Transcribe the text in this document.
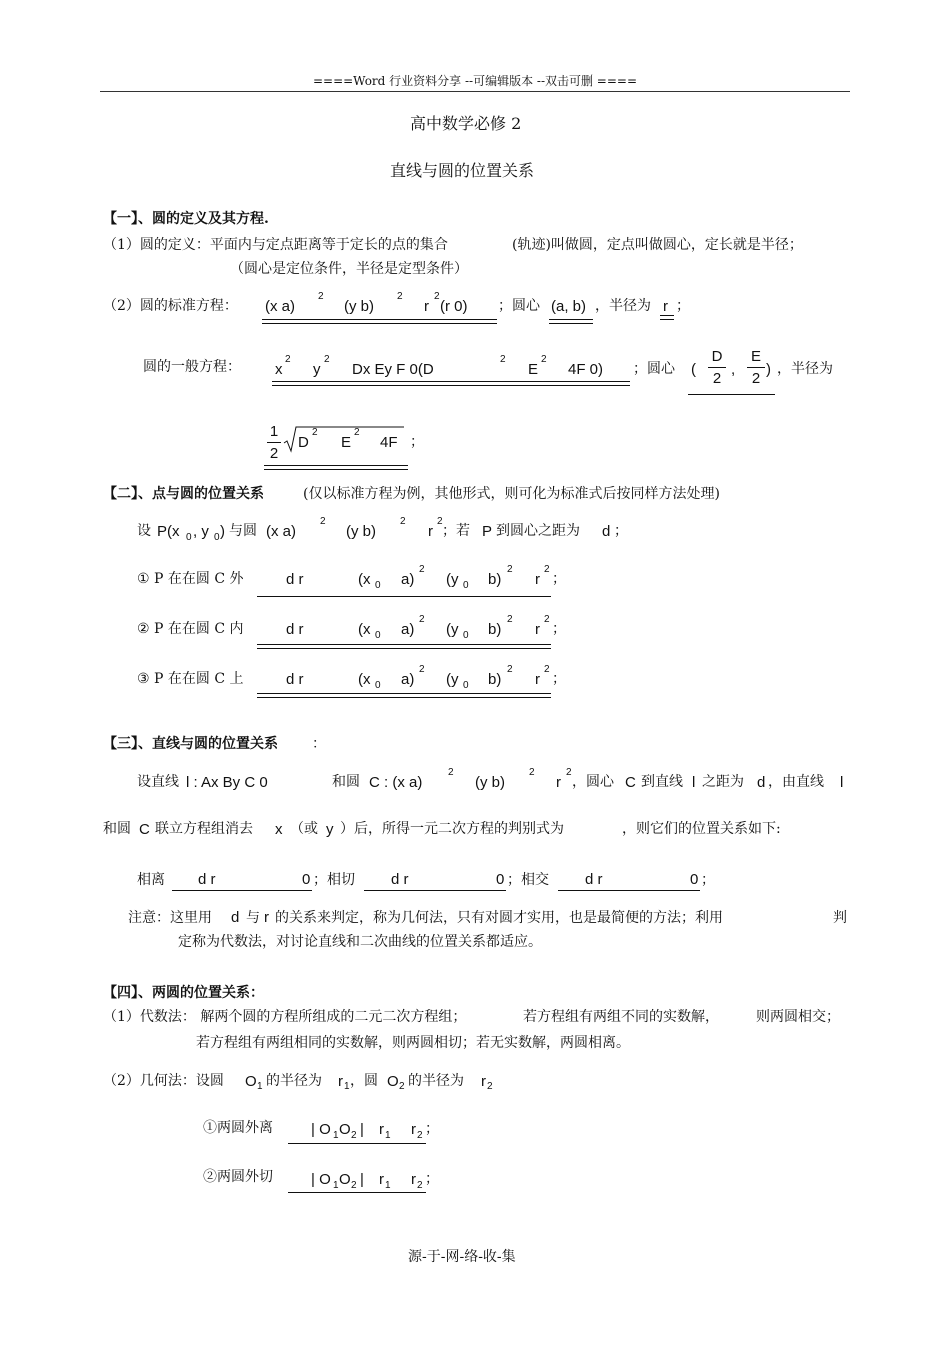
====Word 行业资料分享 --可编辑版本 --双击可删 ====
高中数学必修 2
直线与圆的位置关系
【一】、圆的定义及其方程.
（1）圆的定义：平面内与定点距离等于定长的点的集合	(轨迹)叫做圆，定点叫做圆心，定长就是半径；
（圆心是定位条件，半径是定型条件）
（2）圆的标准方程： (x a)
2
(y b)
2
r
2
(r 0) ；圆心 (a, b) ，半径为 r ；
圆的一般方程： x
2
y
2
Dx Ey F 0(D
2
E
2
4F 0) ；圆心 (
D
2
,
E
2
) ，半径为
1
2
D
2
E
2
4F ；
【二】、点与圆的位置关系	(仅以标准方程为例，其他形式，则可化为标准式后按同样方法处理)
设 P(x 0 , y 0 ) 与圆 (x a)
2
(y b)
2
r
2
；若 P 到圆心之距为 d ；
① P 在在圆 C 外	d r	(x 0 a)
2
(y 0 b)
2
r
2
；
② P 在在圆 C 内	d r	(x 0 a)
2
(y 0 b)
2
r
2
；
③ P 在在圆 C 上	d r	(x 0 a)
2
(y 0 b)
2
r
2
；
【三】、直线与圆的位置关系 ：
设直线 l : Ax By C 0	和圆 C : (x a)
2
(y b)
2
r
2
，圆心 C 到直线 l 之距为 d ，由直线 l
和圆 C 联立方程组消去 x （或 y ）后，所得一元二次方程的判别式为	，则它们的位置关系如下:
相离 d r	0 ；相切 d r	0 ；相交 d r	0 ；
注意：这里用 d 与 r 的关系来判定，称为几何法，只有对圆才实用，也是最简便的方法；利用	判
定称为代数法，对讨论直线和二次曲线的位置关系都适应。
【四】、两圆的位置关系：
（1）代数法： 解两个圆的方程所组成的二元二次方程组；	若方程组有两组不同的实数解，	则两圆相交；
若方程组有两组相同的实数解，则两圆相切；若无实数解，两圆相离。
（2）几何法：设圆 O 1 的半径为 r 1 ，圆 O 2 的半径为 r 2
①两圆外离	| O 1 O 2 | r 1 r 2 ；
②两圆外切	| O 1 O 2 | r 1 r 2 ；
源-于-网-络-收-集
